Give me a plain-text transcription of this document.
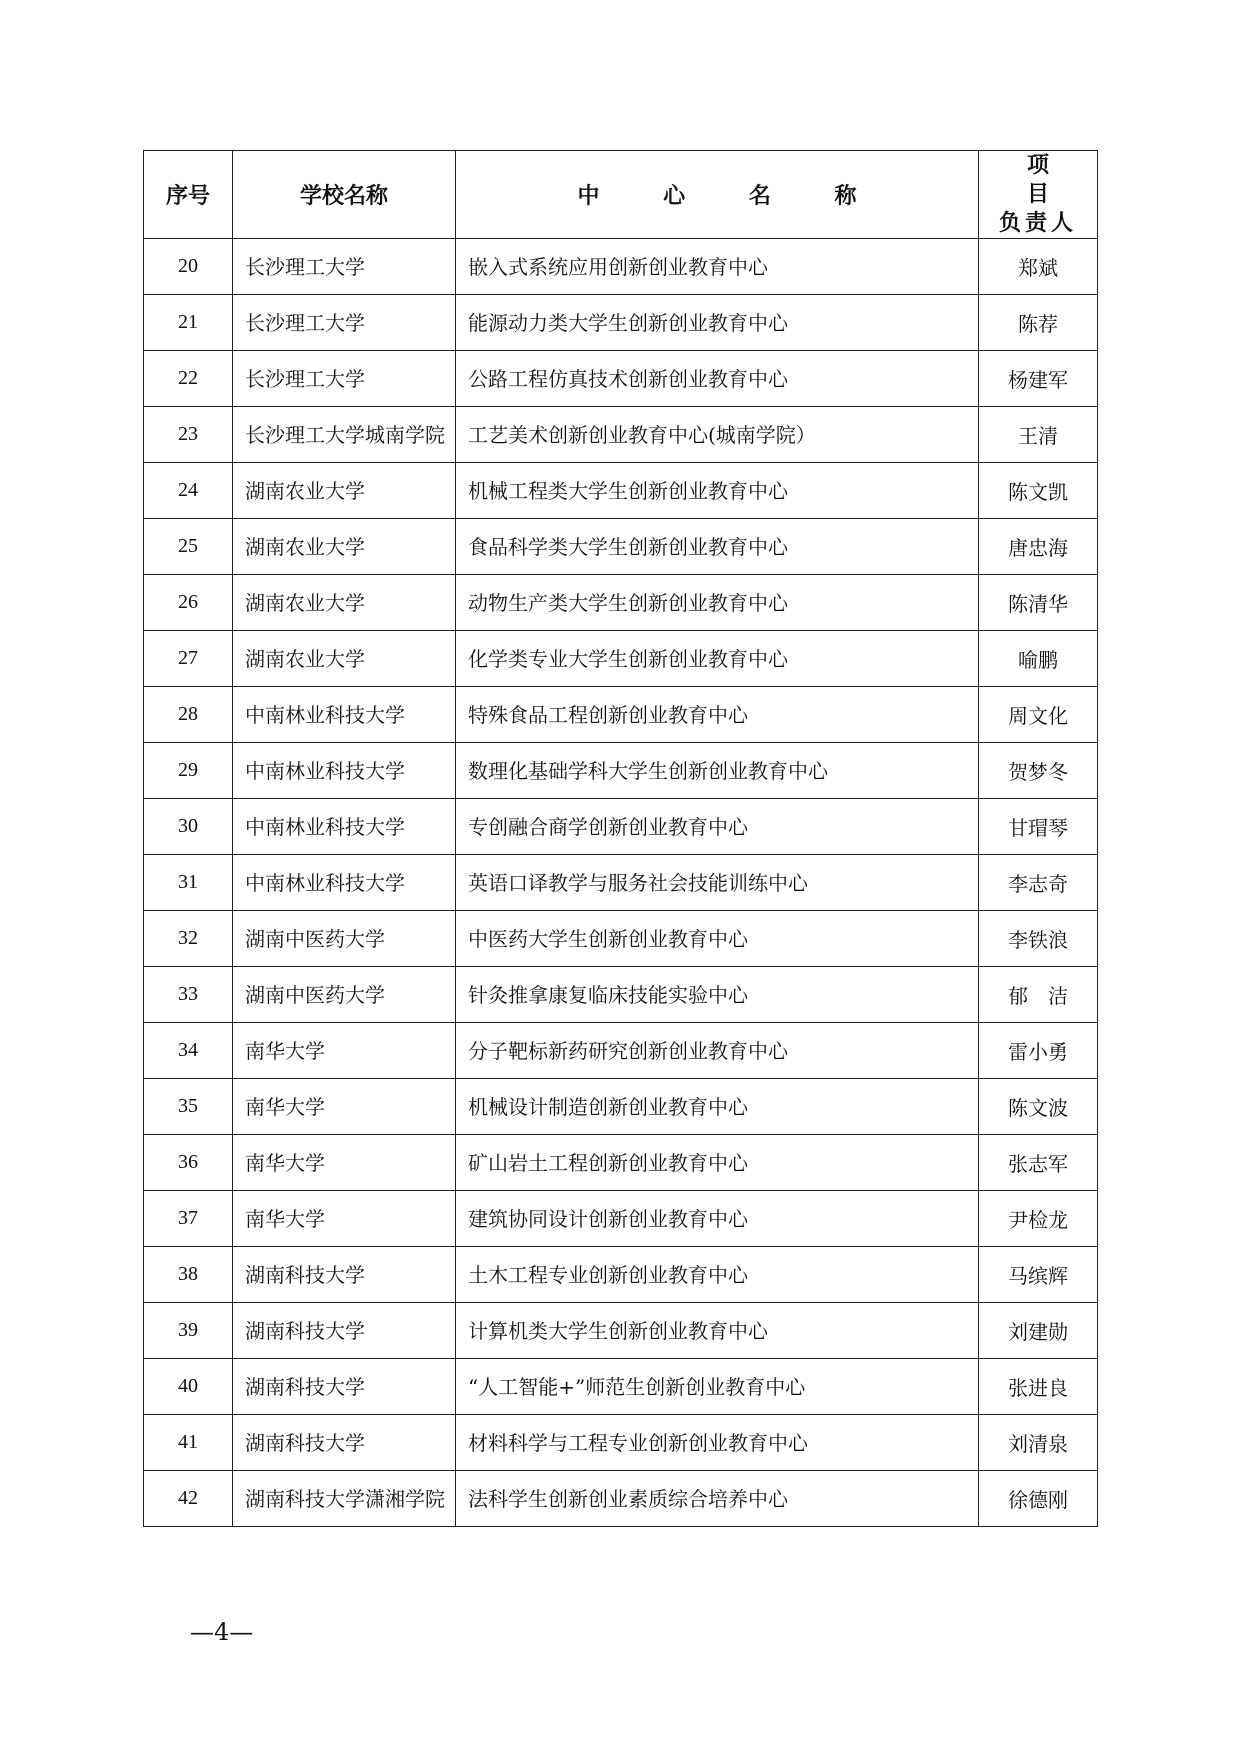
序号	学校名称	中 心 名 称	项 目
负责人

20	长沙理工大学	嵌入式系统应用创新创业教育中心	郑斌
21	长沙理工大学	能源动力类大学生创新创业教育中心	陈荐
22	长沙理工大学	公路工程仿真技术创新创业教育中心	杨建军
23	长沙理工大学城南学院	工艺美术创新创业教育中心(城南学院）	王清
24	湖南农业大学	机械工程类大学生创新创业教育中心	陈文凯
25	湖南农业大学	食品科学类大学生创新创业教育中心	唐忠海
26	湖南农业大学	动物生产类大学生创新创业教育中心	陈清华
27	湖南农业大学	化学类专业大学生创新创业教育中心	喻鹏
28	中南林业科技大学	特殊食品工程创新创业教育中心	周文化
29	中南林业科技大学	数理化基础学科大学生创新创业教育中心	贺梦冬
30	中南林业科技大学	专创融合商学创新创业教育中心	甘瑁琴
31	中南林业科技大学	英语口译教学与服务社会技能训练中心	李志奇
32	湖南中医药大学	中医药大学生创新创业教育中心	李铁浪
33	湖南中医药大学	针灸推拿康复临床技能实验中心	郁　洁
34	南华大学	分子靶标新药研究创新创业教育中心	雷小勇
35	南华大学	机械设计制造创新创业教育中心	陈文波
36	南华大学	矿山岩土工程创新创业教育中心	张志军
37	南华大学	建筑协同设计创新创业教育中心	尹检龙
38	湖南科技大学	土木工程专业创新创业教育中心	马缤辉
39	湖南科技大学	计算机类大学生创新创业教育中心	刘建勋
40	湖南科技大学	“人工智能+”师范生创新创业教育中心	张进良
41	湖南科技大学	材料科学与工程专业创新创业教育中心	刘清泉
42	湖南科技大学潇湘学院	法科学生创新创业素质综合培养中心	徐德刚
—4—
